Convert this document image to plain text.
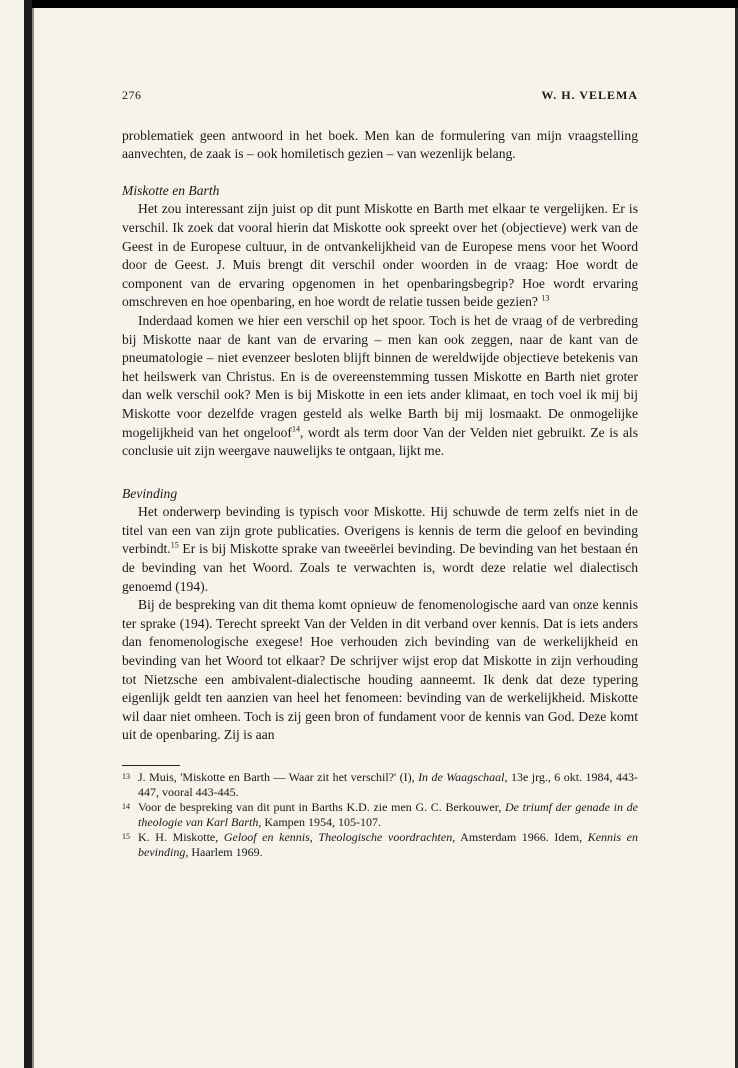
276	W. H. VELEMA

problematiek geen antwoord in het boek. Men kan de formulering van mijn vraagstelling aanvechten, de zaak is – ook homiletisch gezien – van wezenlijk belang.

Miskotte en Barth

Het zou interessant zijn juist op dit punt Miskotte en Barth met elkaar te vergelijken. Er is verschil. Ik zoek dat vooral hierin dat Miskotte ook spreekt over het (objectieve) werk van de Geest in de Europese cultuur, in de ontvankelijkheid van de Europese mens voor het Woord door de Geest. J. Muis brengt dit verschil onder woorden in de vraag: Hoe wordt de component van de ervaring opgenomen in het openbaringsbegrip? Hoe wordt ervaring omschreven en hoe openbaring, en hoe wordt de relatie tussen beide gezien? $^{13}$

Inderdaad komen we hier een verschil op het spoor. Toch is het de vraag of de verbreding bij Miskotte naar de kant van de ervaring – men kan ook zeggen, naar de kant van de pneumatologie – niet evenzeer besloten blijft binnen de wereldwijde objectieve betekenis van het heilswerk van Christus. En is de overeenstemming tussen Miskotte en Barth niet groter dan welk verschil ook? Men is bij Miskotte in een iets ander klimaat, en toch voel ik mij bij Miskotte voor dezelfde vragen gesteld als welke Barth bij mij losmaakt. De onmogelijke mogelijkheid van het ongeloof$^{14}$, wordt als term door Van der Velden niet gebruikt. Ze is als conclusie uit zijn weergave nauwelijks te ontgaan, lijkt me.

Bevinding

Het onderwerp bevinding is typisch voor Miskotte. Hij schuwde de term zelfs niet in de titel van een van zijn grote publicaties. Overigens is kennis de term die geloof en bevinding verbindt.$^{15}$ Er is bij Miskotte sprake van tweeërlei bevinding. De bevinding van het bestaan én de bevinding van het Woord. Zoals te verwachten is, wordt deze relatie wel dialectisch genoemd (194).

Bij de bespreking van dit thema komt opnieuw de fenomenologische aard van onze kennis ter sprake (194). Terecht spreekt Van der Velden in dit verband over kennis. Dat is iets anders dan fenomenologische exegese! Hoe verhouden zich bevinding van de werkelijkheid en bevinding van het Woord tot elkaar? De schrijver wijst erop dat Miskotte in zijn verhouding tot Nietzsche een ambivalent-dialectische houding aanneemt. Ik denk dat deze typering eigenlijk geldt ten aanzien van heel het fenomeen: bevinding van de werkelijkheid. Miskotte wil daar niet omheen. Toch is zij geen bron of fundament voor de kennis van God. Deze komt uit de openbaring. Zij is aan

13 J. Muis, 'Miskotte en Barth — Waar zit het verschil?' (I), In de Waagschaal, 13e jrg., 6 okt. 1984, 443-447, vooral 443-445.
14 Voor de bespreking van dit punt in Barths K.D. zie men G. C. Berkouwer, De triumf der genade in de theologie van Karl Barth, Kampen 1954, 105-107.
15 K. H. Miskotte, Geloof en kennis, Theologische voordrachten, Amsterdam 1966. Idem, Kennis en bevinding, Haarlem 1969.
